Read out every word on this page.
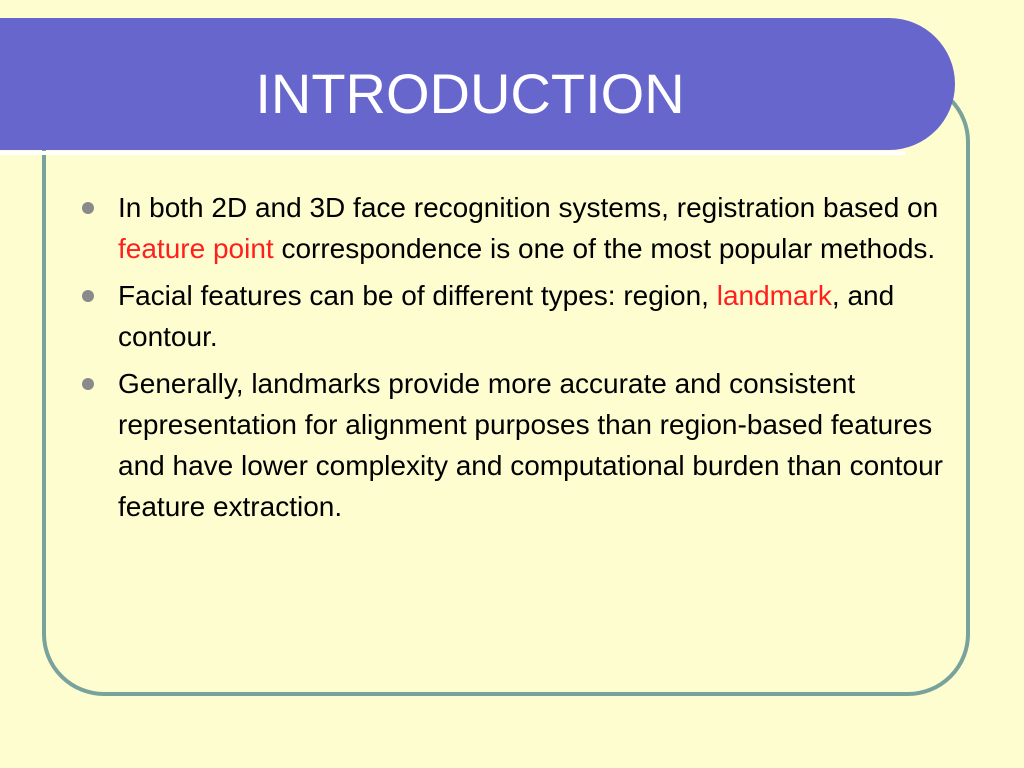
INTRODUCTION
In both 2D and 3D face recognition systems, registration based on feature point correspondence is one of the most popular methods.
Facial features can be of different types: region, landmark, and contour.
Generally, landmarks provide more accurate and consistent representation for alignment purposes than region-based features and have lower complexity and computational burden than contour feature extraction.
